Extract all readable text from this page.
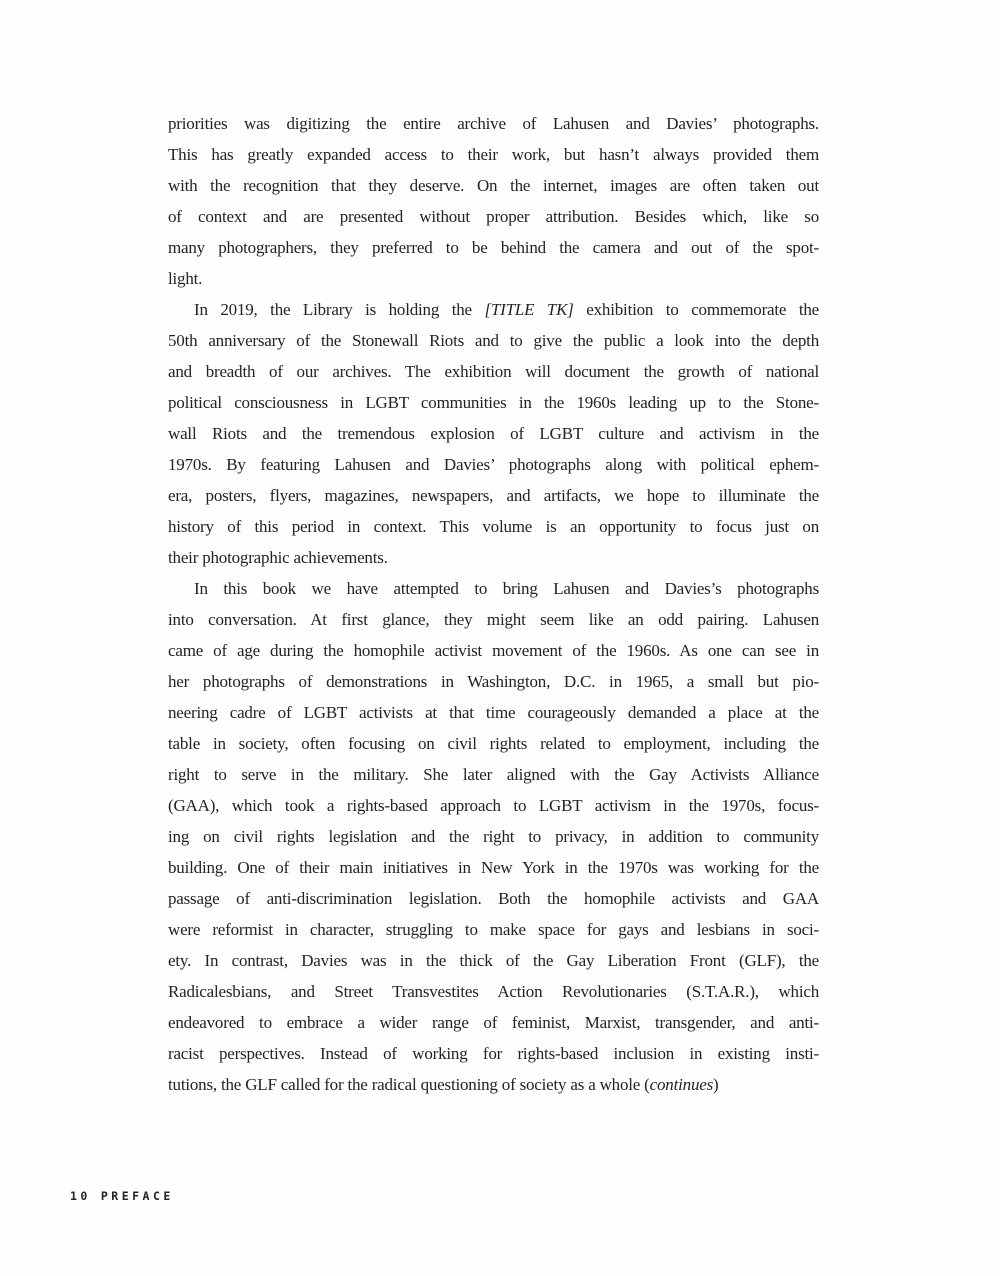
priorities was digitizing the entire archive of Lahusen and Davies’ photographs.
This has greatly expanded access to their work, but hasn’t always provided them
with the recognition that they deserve. On the internet, images are often taken out
of context and are presented without proper attribution. Besides which, like so
many photographers, they preferred to be behind the camera and out of the spot-
light.
In 2019, the Library is holding the [TITLE TK] exhibition to commemorate the
50th anniversary of the Stonewall Riots and to give the public a look into the depth
and breadth of our archives. The exhibition will document the growth of national
political consciousness in LGBT communities in the 1960s leading up to the Stone-
wall Riots and the tremendous explosion of LGBT culture and activism in the
1970s. By featuring Lahusen and Davies’ photographs along with political ephem-
era, posters, flyers, magazines, newspapers, and artifacts, we hope to illuminate the
history of this period in context. This volume is an opportunity to focus just on
their photographic achievements.
In this book we have attempted to bring Lahusen and Davies’s photographs
into conversation. At first glance, they might seem like an odd pairing. Lahusen
came of age during the homophile activist movement of the 1960s. As one can see in
her photographs of demonstrations in Washington, D.C. in 1965, a small but pio-
neering cadre of LGBT activists at that time courageously demanded a place at the
table in society, often focusing on civil rights related to employment, including the
right to serve in the military. She later aligned with the Gay Activists Alliance
(GAA), which took a rights-based approach to LGBT activism in the 1970s, focus-
ing on civil rights legislation and the right to privacy, in addition to community
building. One of their main initiatives in New York in the 1970s was working for the
passage of anti-discrimination legislation. Both the homophile activists and GAA
were reformist in character, struggling to make space for gays and lesbians in soci-
ety. In contrast, Davies was in the thick of the Gay Liberation Front (GLF), the
Radicalesbians, and Street Transvestites Action Revolutionaries (S.T.A.R.), which
endeavored to embrace a wider range of feminist, Marxist, transgender, and anti-
racist perspectives. Instead of working for rights-based inclusion in existing insti-
tutions, the GLF called for the radical questioning of society as a whole (continues)
10 PREFACE
